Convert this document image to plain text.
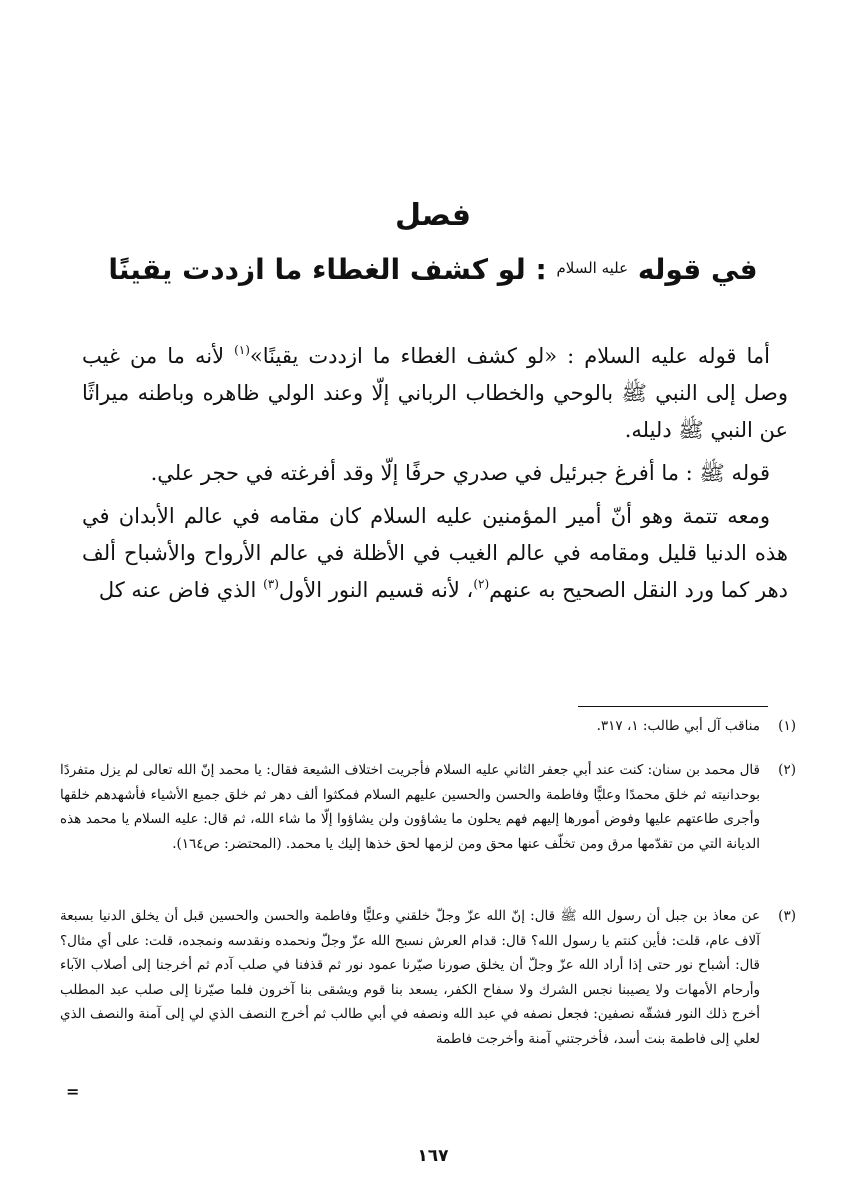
فصل
في قوله $^{عليه السلام}$ : لو كشف الغطاء ما ازددت يقينًا

أما قوله عليه السلام : «لو كشف الغطاء ما ازددت يقينًا»$^{(١)}$ لأنه ما من غيب وصل إلى النبي ﷺ بالوحي والخطاب الرباني إلّا وعند الولي ظاهره وباطنه ميراثًا عن النبي ﷺ دليله.

قوله ﷺ : ما أفرغ جبرئيل في صدري حرفًا إلّا وقد أفرغته في حجر علي.

ومعه تتمة وهو أنّ أمير المؤمنين عليه السلام كان مقامه في عالم الأبدان في هذه الدنيا قليل ومقامه في عالم الغيب في الأظلة في عالم الأرواح والأشباح ألف دهر كما ورد النقل الصحيح به عنهم$^{(٢)}$، لأنه قسيم النور الأول$^{(٣)}$ الذي فاض عنه كل

(١)
مناقب آل أبي طالب: ١، ٣١٧.
(٢)
قال محمد بن سنان: كنت عند أبي جعفر الثاني عليه السلام فأجريت اختلاف الشيعة فقال: يا محمد إنّ الله تعالى لم يزل متفردًا بوحدانيته ثم خلق محمدًا وعليًّا وفاطمة والحسن والحسين عليهم السلام فمكثوا ألف دهر ثم خلق جميع الأشياء فأشهدهم خلقها وأجرى طاعتهم عليها وفوض أمورها إليهم فهم يحلون ما يشاؤون ولن يشاؤوا إلّا ما شاء الله، ثم قال: عليه السلام يا محمد هذه الديانة التي من تقدّمها مرق ومن تخلّف عنها محق ومن لزمها لحق خذها إليك يا محمد. (المحتضر: ص١٦٤).
(٣)
عن معاذ بن جبل أن رسول الله ﷺ قال: إنّ الله عزّ وجلّ خلقني وعليًّا وفاطمة والحسن والحسين قبل أن يخلق الدنيا بسبعة آلاف عام، قلت: فأين كنتم يا رسول الله؟ قال: قدام العرش نسبح الله عزّ وجلّ ونحمده ونقدسه ونمجده، قلت: على أي مثال؟ قال: أشباح نور حتى إذا أراد الله عزّ وجلّ أن يخلق صورنا صيّرنا عمود نور ثم قذفنا في صلب آدم ثم أخرجنا إلى أصلاب الآباء وأرحام الأمهات ولا يصيبنا نجس الشرك ولا سفاح الكفر، يسعد بنا قوم ويشقى بنا آخرون فلما صيّرنا إلى صلب عبد المطلب أخرج ذلك النور فشقّه نصفين: فجعل نصفه في عبد الله ونصفه في أبي طالب ثم أخرج النصف الذي لي إلى آمنة والنصف الذي لعلي إلى فاطمة بنت أسد، فأخرجتني آمنة وأخرجت فاطمة
=
١٦٧
